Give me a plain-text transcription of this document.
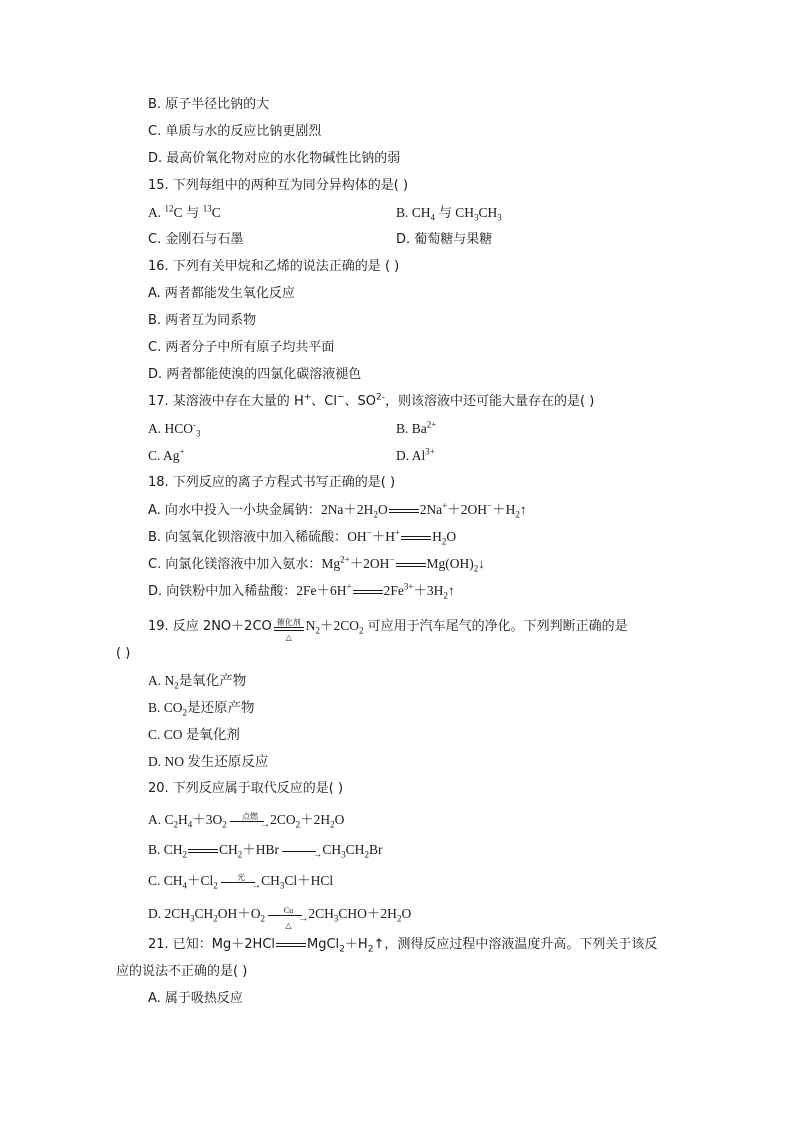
B. 原子半径比钠的大
C. 单质与水的反应比钠更剧烈
D. 最高价氧化物对应的水化物碱性比钠的弱
15. 下列每组中的两种互为同分异构体的是( )
A. $^{12}$C 与 $^{13}$C	B. $CH_4$ 与 $CH_3CH_3$
C. 金刚石与石墨	D. 葡萄糖与果糖
16. 下列有关甲烷和乙烯的说法正确的是 ( )
A. 两者都能发生氧化反应
B. 两者互为同系物
C. 两者分子中所有原子均共平面
D. 两者都能使溴的四氯化碳溶液褪色
17. 某溶液中存在大量的 H+、Cl−、$SO^{2-}$，则该溶液中还可能大量存在的是( )
A. $HCO^-_3$	B. $Ba^{2+}$
C. Ag+	D. $Al^{3+}$
18. 下列反应的离子方程式书写正确的是( )
A. 向水中投入一小块金属钠：$2Na+2H_2O$ $2Na^++2OH^-+H_2↑$
B. 向氢氧化钡溶液中加入稀硫酸：OH−＋H+ $H_2O$
C. 向氯化镁溶液中加入氨水：$Mg^{2+}+2OH^-$ $Mg(OH)_2↓$
D. 向铁粉中加入稀盐酸：2Fe＋6H+ $2Fe^{3+}+3H_2↑$
19. 反应 2NO＋2CO 催化剂
△
$N_2+2CO_2$ 可应用于汽车尾气的净化。下列判断正确的是
( )
A. $N_2$是氧化产物
B. $CO_2$是还原产物
C. CO 是氧化剂
D. NO 发生还原反应
20. 下列反应属于取代反应的是( )
A. $C_2H_4+3O_2$
点燃
→ $2CO_2+2H_2O$
B. $CH_2$ $CH_2+HBr$	→ $CH_3CH_2Br$
C. $CH_4+Cl_2$
光
→ $CH_3Cl+HCl$
D. $2CH_3CH_2OH+O_2$
Cu
→
△
$2CH_3CHO+2H_2O$
21. 已知：Mg＋2HCl $MgCl_2+H_2↑$，测得反应过程中溶液温度升高。下列关于该反
应的说法不正确的是( )
A. 属于吸热反应
